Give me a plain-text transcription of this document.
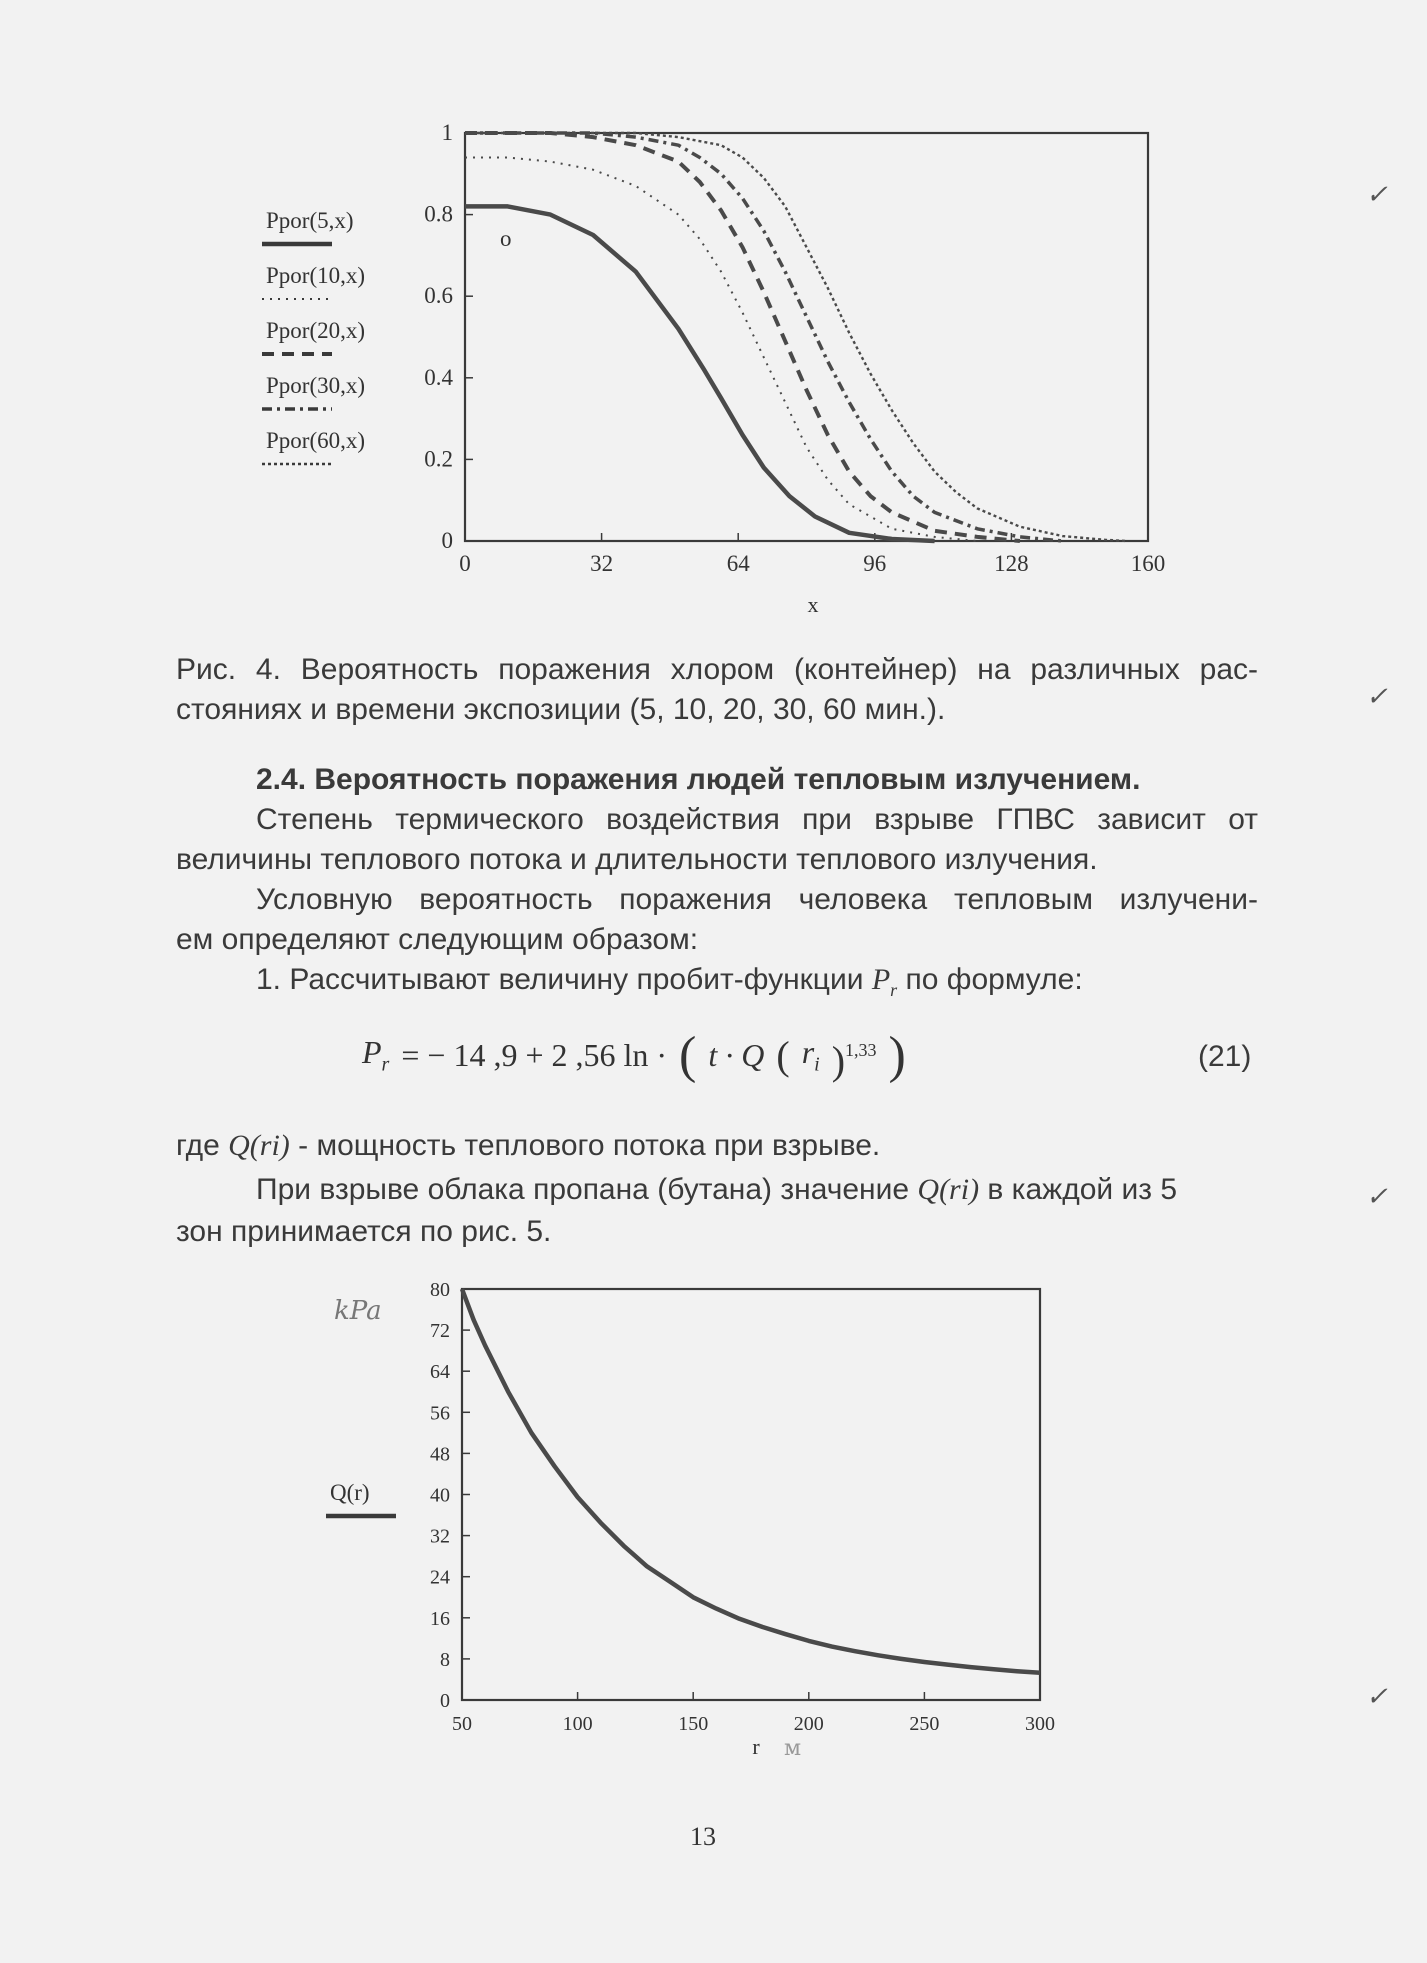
0
0.2
0.4
0.6
0.8
1
0	32	64	96	128	160
x
o
Ppor(5,x)
Ppor(10,x)
Ppor(20,x)
Ppor(30,x)
Ppor(60,x)
0
8
16
24
32
40
48
56
64
72
80
50	100	150	200	250	300
r
Q(r)
Рис. 4. Вероятность поражения хлором (контейнер) на различных рас-
стояниях и времени экспозиции (5, 10, 20, 30, 60 мин.).
2.4. Вероятность поражения людей тепловым излучением.
Степень термического воздействия при взрыве ГПВС зависит от
величины теплового потока и длительности теплового излучения.
Условную вероятность поражения человека тепловым излучени-
ем определяют следующим образом:
1. Рассчитывают величину пробит-функции $P_r$ по формуле:
$P_r$ = − 14 ,9 + 2 ,56 ln · ( t · Q ( $r_i$ )$^{1,33}$ )	(21)
где Q(ri) - мощность теплового потока при взрыве.
При взрыве облака пропана (бутана) значение Q(ri) в каждой из 5
зон принимается по рис. 5.
kPa
м
13
✓
✓
✓
✓
